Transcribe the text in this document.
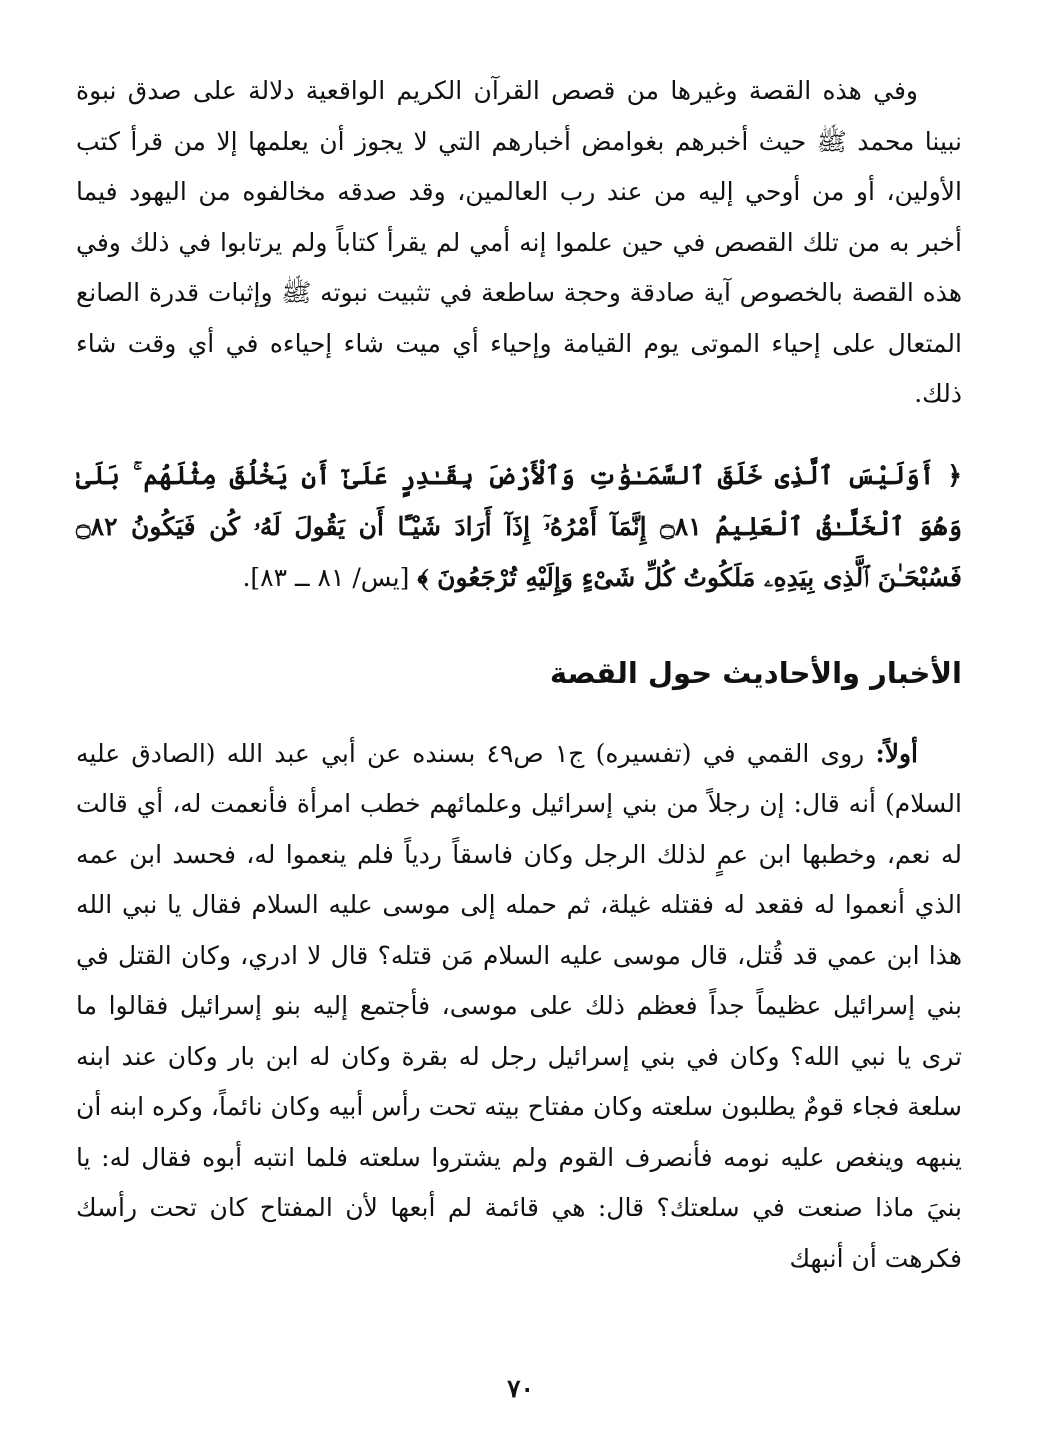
وفي هذه القصة وغيرها من قصص القرآن الكريم الواقعية دلالة على صدق نبوة نبينا محمد ﷺ حيث أخبرهم بغوامض أخبارهم التي لا يجوز أن يعلمها إلا من قرأ كتب الأولين، أو من أوحي إليه من عند رب العالمين، وقد صدقه مخالفوه من اليهود فيما أخبر به من تلك القصص في حين علموا إنه أمي لم يقرأ كتاباً ولم يرتابوا في ذلك وفي هذه القصة بالخصوص آية صادقة وحجة ساطعة في تثبيت نبوته ﷺ وإثبات قدرة الصانع المتعال على إحياء الموتى يوم القيامة وإحياء أي ميت شاء إحياءه في أي وقت شاء ذلك.

﴿ أَوَلَيْسَ ٱلَّذِى خَلَقَ ٱلسَّمَـٰوَٰتِ وَٱلْأَرْضَ بِقَـٰدِرٍ عَلَىٰٓ أَن يَخْلُقَ مِثْلَهُم ۚ بَلَىٰ وَهُوَ ٱلْخَلَّـٰقُ ٱلْعَلِيمُ ۝٨١ إِنَّمَآ أَمْرُهُۥٓ إِذَآ أَرَادَ شَيْـًٔا أَن يَقُولَ لَهُۥ كُن فَيَكُونُ ۝٨٢ فَسُبْحَـٰنَ ٱلَّذِى بِيَدِهِۦ مَلَكُوتُ كُلِّ شَىْءٍ وَإِلَيْهِ تُرْجَعُونَ ﴾ [يس/ ٨١ ــ ٨٣].

الأخبار والأحاديث حول القصة

أولاً: روى القمي في (تفسيره) ج١ ص٤٩ بسنده عن أبي عبد الله (الصادق عليه السلام) أنه قال: إن رجلاً من بني إسرائيل وعلمائهم خطب امرأة فأنعمت له، أي قالت له نعم، وخطبها ابن عمٍ لذلك الرجل وكان فاسقاً ردياً فلم ينعموا له، فحسد ابن عمه الذي أنعموا له فقعد له فقتله غيلة، ثم حمله إلى موسى عليه السلام فقال يا نبي الله هذا ابن عمي قد قُتل، قال موسى عليه السلام مَن قتله؟ قال لا ادري، وكان القتل في بني إسرائيل عظيماً جداً فعظم ذلك على موسى، فأجتمع إليه بنو إسرائيل فقالوا ما ترى يا نبي الله؟ وكان في بني إسرائيل رجل له بقرة وكان له ابن بار وكان عند ابنه سلعة فجاء قومٌ يطلبون سلعته وكان مفتاح بيته تحت رأس أبيه وكان نائماً، وكره ابنه أن ينبهه وينغص عليه نومه فأنصرف القوم ولم يشتروا سلعته فلما انتبه أبوه فقال له: يا بنيَ ماذا صنعت في سلعتك؟ قال: هي قائمة لم أبعها لأن المفتاح كان تحت رأسك فكرهت أن أنبهك

٧٠
